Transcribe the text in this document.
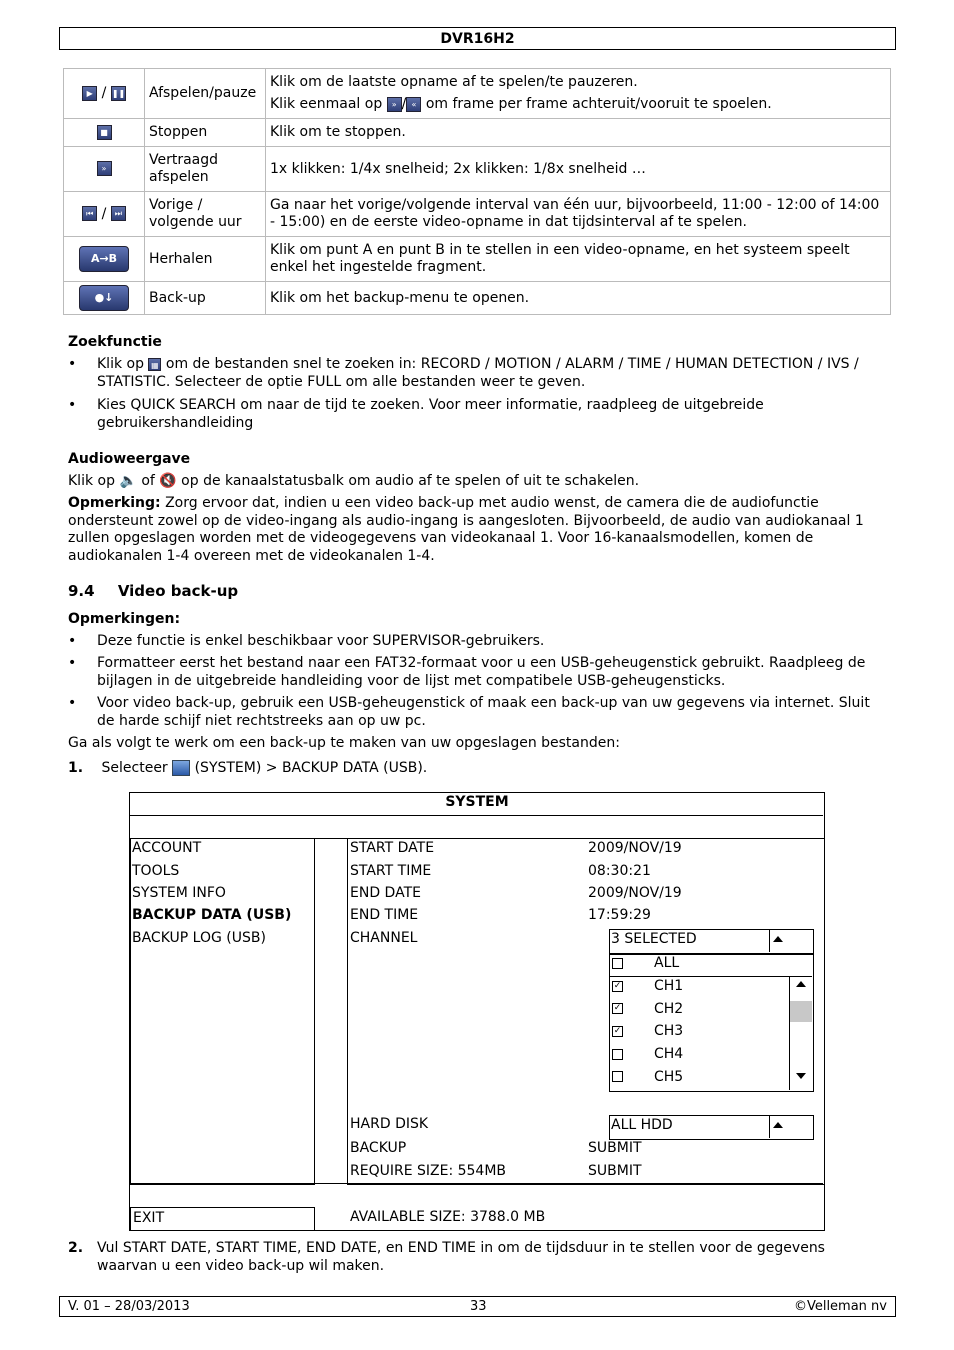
DVR16H2
▶ / ❚❚	Afspelen/pauze	Klik om de laatste opname af te spelen/te pauzeren.
Klik eenmaal op » / « om frame per frame achteruit/vooruit te spoelen.

■	Stoppen	Klik om te stoppen.
»	Vertraagd afspelen	1x klikken: 1/4x snelheid; 2x klikken: 1/8x snelheid …
⏮ / ⏭	Vorige / volgende uur	Ga naar het vorige/volgende interval van één uur, bijvoorbeeld, 11:00 - 12:00 of 14:00 - 15:00) en de eerste video-opname in dat tijdsinterval af te spelen.
A→B	Herhalen	Klik om punt A en punt B in te stellen in een video-opname, en het systeem speelt enkel het ingestelde fragment.
●↓	Back-up	Klik om het backup-menu te openen.
Zoekfunctie
• Klik op ▦ om de bestanden snel te zoeken in: RECORD / MOTION / ALARM / TIME / HUMAN DETECTION / IVS / STATISTIC. Selecteer de optie FULL om alle bestanden weer te geven.
• Kies QUICK SEARCH om naar de tijd te zoeken. Voor meer informatie, raadpleeg de uitgebreide gebruikershandleiding
Audioweergave
Klik op 🔈 of 🔇 op de kanaalstatusbalk om audio af te spelen of uit te schakelen.
Opmerking: Zorg ervoor dat, indien u een video back-up met audio wenst, de camera die de audiofunctie ondersteunt zowel op de video-ingang als audio-ingang is aangesloten. Bijvoorbeeld, de audio van audiokanaal 1 zullen opgeslagen worden met de videogegevens van videokanaal 1. Voor 16-kanaalsmodellen, komen de audiokanalen 1-4 overeen met de videokanalen 1-4.
9.4 Video back-up
Opmerkingen:
• Deze functie is enkel beschikbaar voor SUPERVISOR-gebruikers.
• Formatteer eerst het bestand naar een FAT32-formaat voor u een USB-geheugenstick gebruikt. Raadpleeg de bijlagen in de uitgebreide handleiding voor de lijst met compatibele USB-geheugensticks.
• Voor video back-up, gebruik een USB-geheugenstick of maak een back-up van uw gegevens via internet. Sluit de harde schijf niet rechtstreeks aan op uw pc.
Ga als volgt te werk om een back-up te maken van uw opgeslagen bestanden:
1. Selecteer (SYSTEM) > BACKUP DATA (USB).
SYSTEM
ACCOUNT
TOOLS
SYSTEM INFO
BACKUP DATA (USB)
BACKUP LOG (USB)
START DATE	2009/NOV/19
START TIME	08:30:21
END DATE	2009/NOV/19
END TIME	17:59:29
CHANNEL	3 SELECTED
ALL
HARD DISK	ALL HDD
BACKUP	SUBMIT
REQUIRE SIZE: 554MB	SUBMIT
EXIT	AVAILABLE SIZE: 3788.0 MB
✓ CH1
✓ CH2
✓ CH3
CH4
CH5
2. Vul START DATE, START TIME, END DATE, en END TIME in om de tijdsduur in te stellen voor de gegevens waarvan u een video back-up wil maken.
V. 01 – 28/03/2013	33	©Velleman nv
